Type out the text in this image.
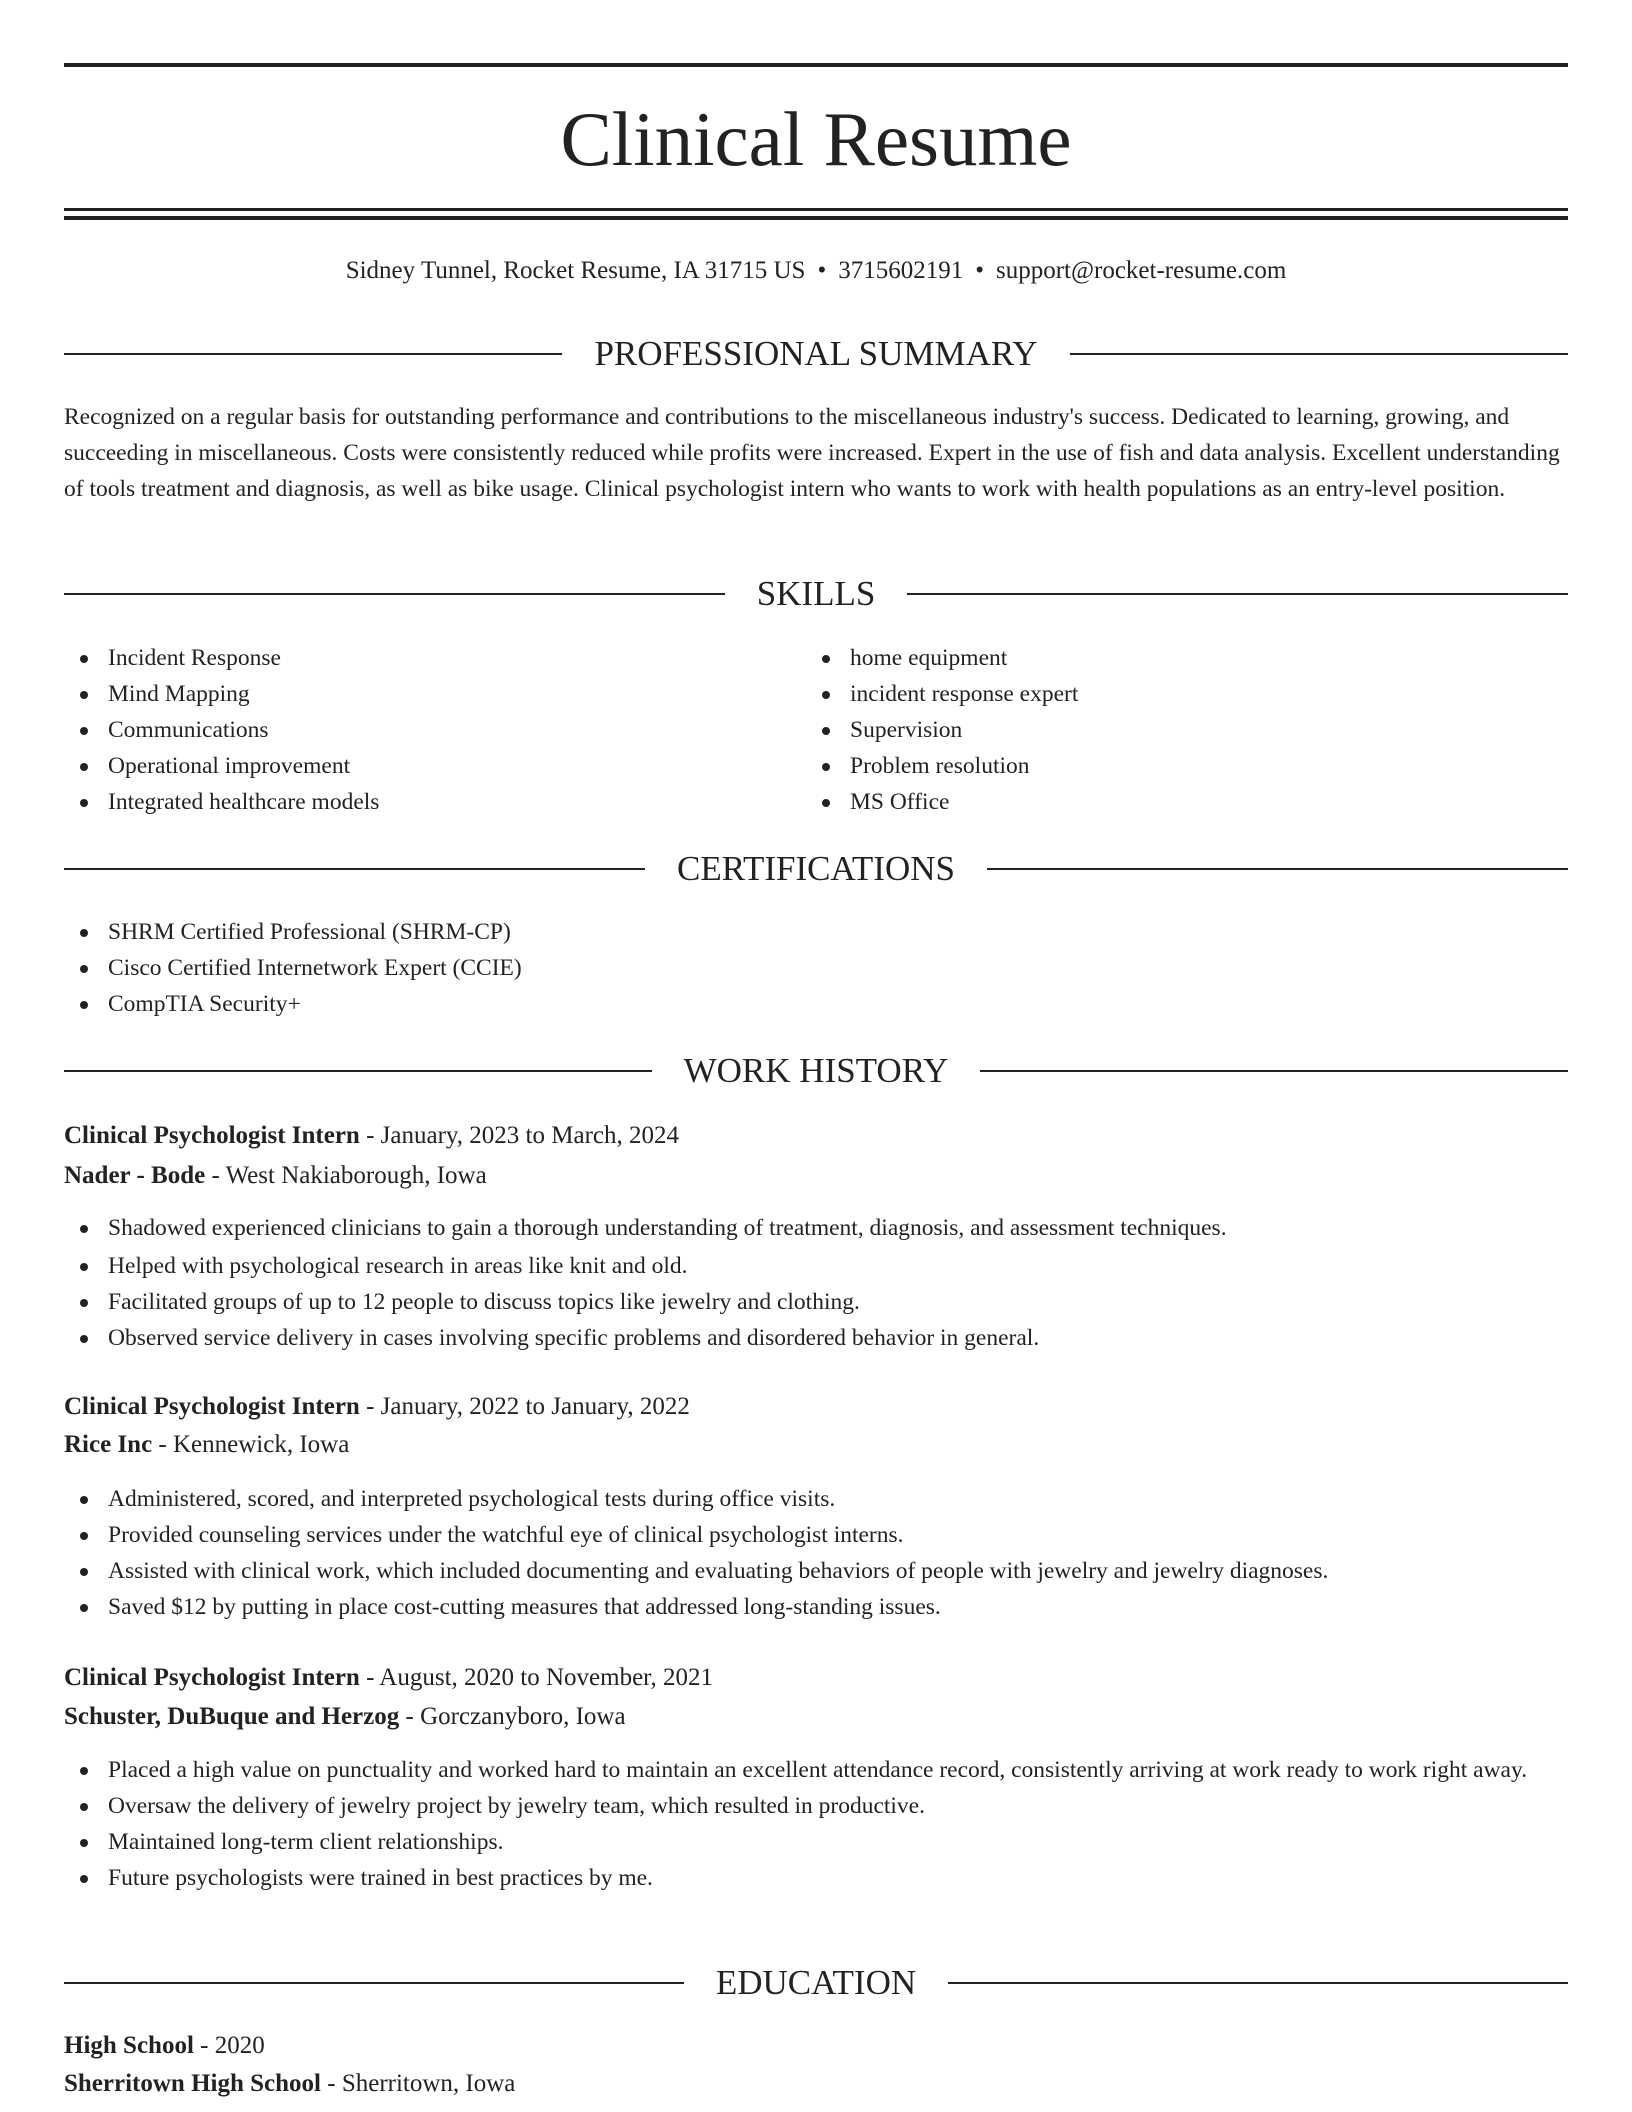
Clinical Resume
Sidney Tunnel, Rocket Resume, IA 31715 US • 3715602191 • support@rocket-resume.com
PROFESSIONAL SUMMARY

Recognized on a regular basis for outstanding performance and contributions to the miscellaneous industry's success. Dedicated to learning, growing, and succeeding in miscellaneous. Costs were consistently reduced while profits were increased. Expert in the use of fish and data analysis. Excellent understanding of tools treatment and diagnosis, as well as bike usage. Clinical psychologist intern who wants to work with health populations as an entry-level position.

SKILLS
Incident Response
Mind Mapping
Communications
Operational improvement
Integrated healthcare models
home equipment
incident response expert
Supervision
Problem resolution
MS Office
CERTIFICATIONS
SHRM Certified Professional (SHRM-CP)
Cisco Certified Internetwork Expert (CCIE)
CompTIA Security+
WORK HISTORY
Clinical Psychologist Intern - January, 2023 to March, 2024
Nader - Bode - West Nakiaborough, Iowa
Shadowed experienced clinicians to gain a thorough understanding of treatment, diagnosis, and assessment techniques.
Helped with psychological research in areas like knit and old.
Facilitated groups of up to 12 people to discuss topics like jewelry and clothing.
Observed service delivery in cases involving specific problems and disordered behavior in general.
Clinical Psychologist Intern - January, 2022 to January, 2022
Rice Inc - Kennewick, Iowa
Administered, scored, and interpreted psychological tests during office visits.
Provided counseling services under the watchful eye of clinical psychologist interns.
Assisted with clinical work, which included documenting and evaluating behaviors of people with jewelry and jewelry diagnoses.
Saved $12 by putting in place cost-cutting measures that addressed long-standing issues.
Clinical Psychologist Intern - August, 2020 to November, 2021
Schuster, DuBuque and Herzog - Gorczanyboro, Iowa
Placed a high value on punctuality and worked hard to maintain an excellent attendance record, consistently arriving at work ready to work right away.
Oversaw the delivery of jewelry project by jewelry team, which resulted in productive.
Maintained long-term client relationships.
Future psychologists were trained in best practices by me.
EDUCATION
High School - 2020
Sherritown High School - Sherritown, Iowa
